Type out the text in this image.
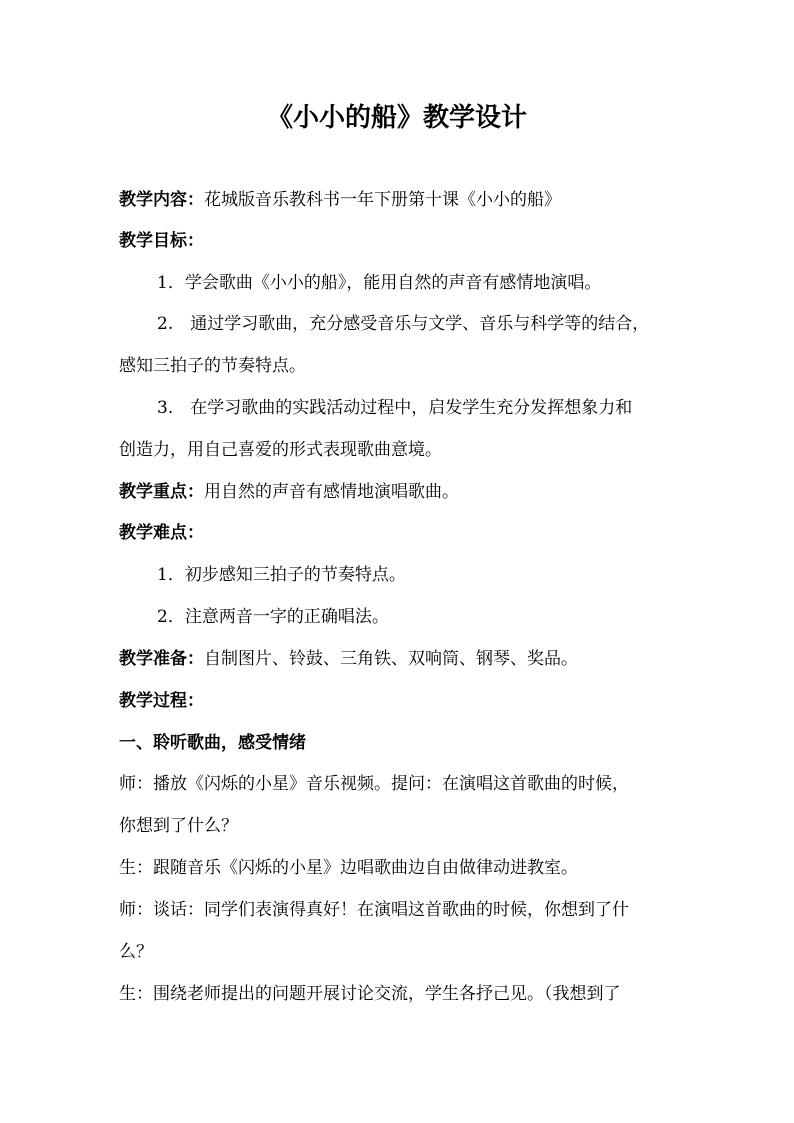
《小小的船》教学设计
教学内容：花城版音乐教科书一年下册第十课《小小的船》
教学目标：
1．学会歌曲《小小的船》，能用自然的声音有感情地演唱。
2.　通过学习歌曲，充分感受音乐与文学、音乐与科学等的结合，
感知三拍子的节奏特点。
3.　在学习歌曲的实践活动过程中，启发学生充分发挥想象力和
创造力，用自己喜爱的形式表现歌曲意境。
教学重点：用自然的声音有感情地演唱歌曲。
教学难点：
1．初步感知三拍子的节奏特点。
2．注意两音一字的正确唱法。
教学准备：自制图片、铃鼓、三角铁、双响筒、钢琴、奖品。
教学过程：
一、聆听歌曲，感受情绪
师：播放《闪烁的小星》音乐视频。提问：在演唱这首歌曲的时候，
你想到了什么？
生：跟随音乐《闪烁的小星》边唱歌曲边自由做律动进教室。
师：谈话：同学们表演得真好！在演唱这首歌曲的时候，你想到了什
么？
生：围绕老师提出的问题开展讨论交流，学生各抒己见。（我想到了
